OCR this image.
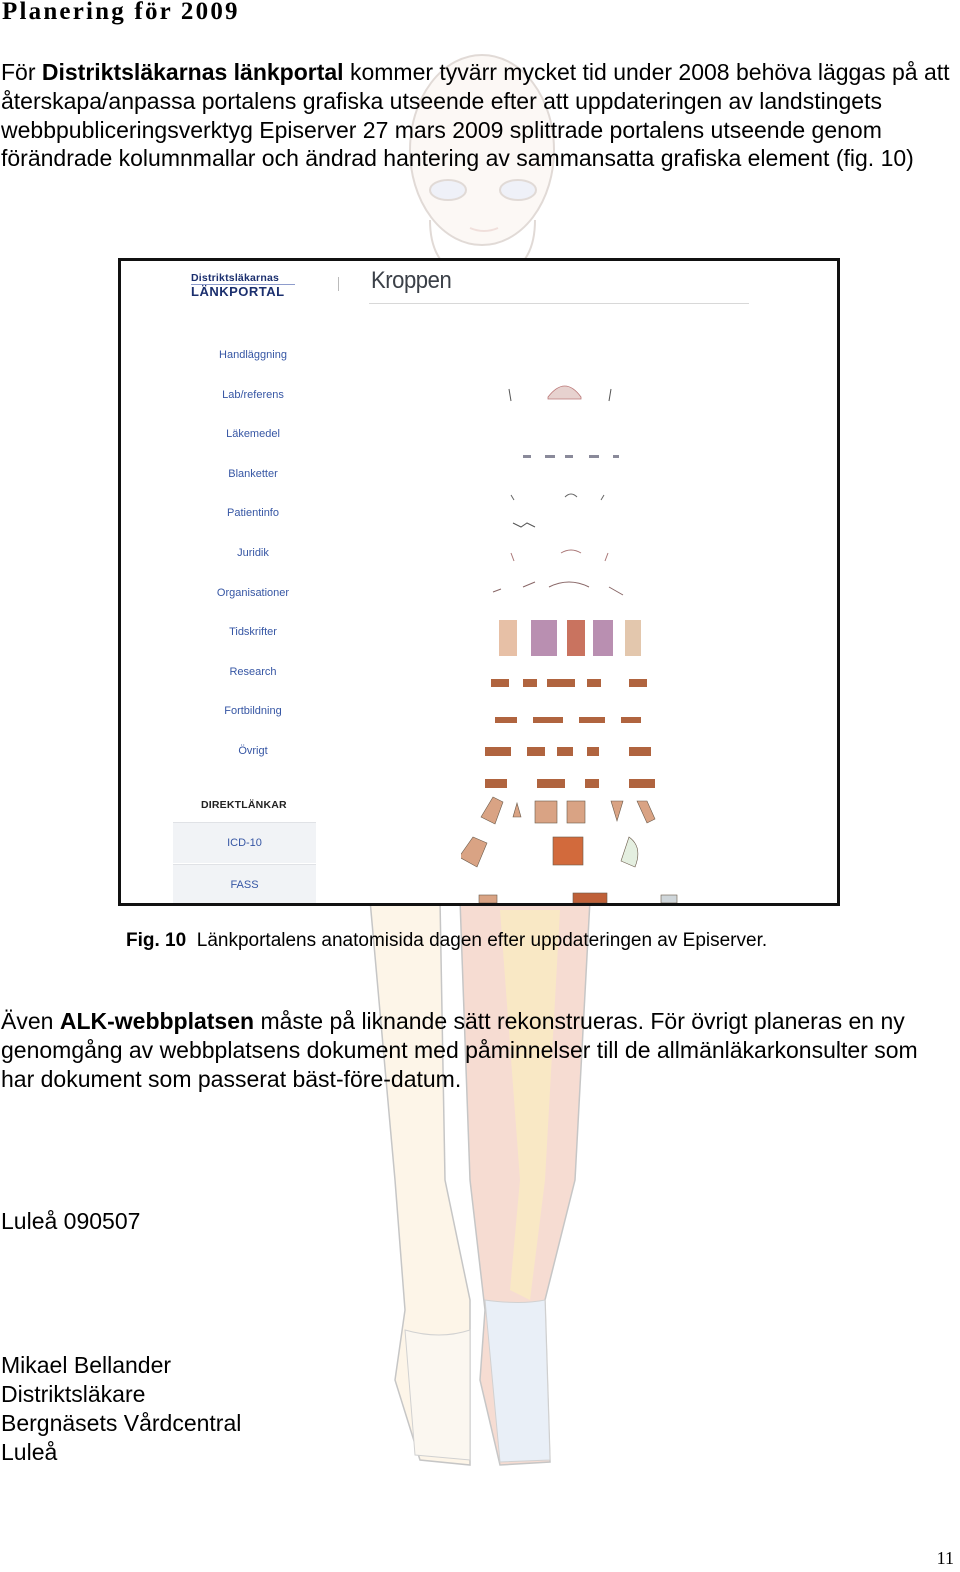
Planering för 2009

För Distriktsläkarnas länkportal kommer tyvärr mycket tid under 2008 behöva läggas på att återskapa/anpassa portalens grafiska utseende efter att uppdateringen av landstingets webbpubliceringsverktyg Episerver 27 mars 2009 splittrade portalens utseende genom förändrade kolumnmallar och ändrad hantering av sammansatta grafiska element (fig. 10)

Distriktsläkarnas
LÄNKPORTAL	Kroppen
Handläggning
Lab/referens
Läkemedel
Blanketter
Patientinfo
Juridik
Organisationer
Tidskrifter
Research
Fortbildning
Övrigt
DIREKTLÄNKAR
ICD-10
FASS

Fig. 10 Länkportalens anatomisida dagen efter uppdateringen av Episerver.

Även ALK-webbplatsen måste på liknande sätt rekonstrueras. För övrigt planeras en ny genomgång av webbplatsens dokument med påminnelser till de allmänläkarkonsulter som har dokument som passerat bäst-före-datum.

Luleå 090507

Mikael Bellander

Distriktsläkare

Bergnäsets Vårdcentral

Luleå

11
